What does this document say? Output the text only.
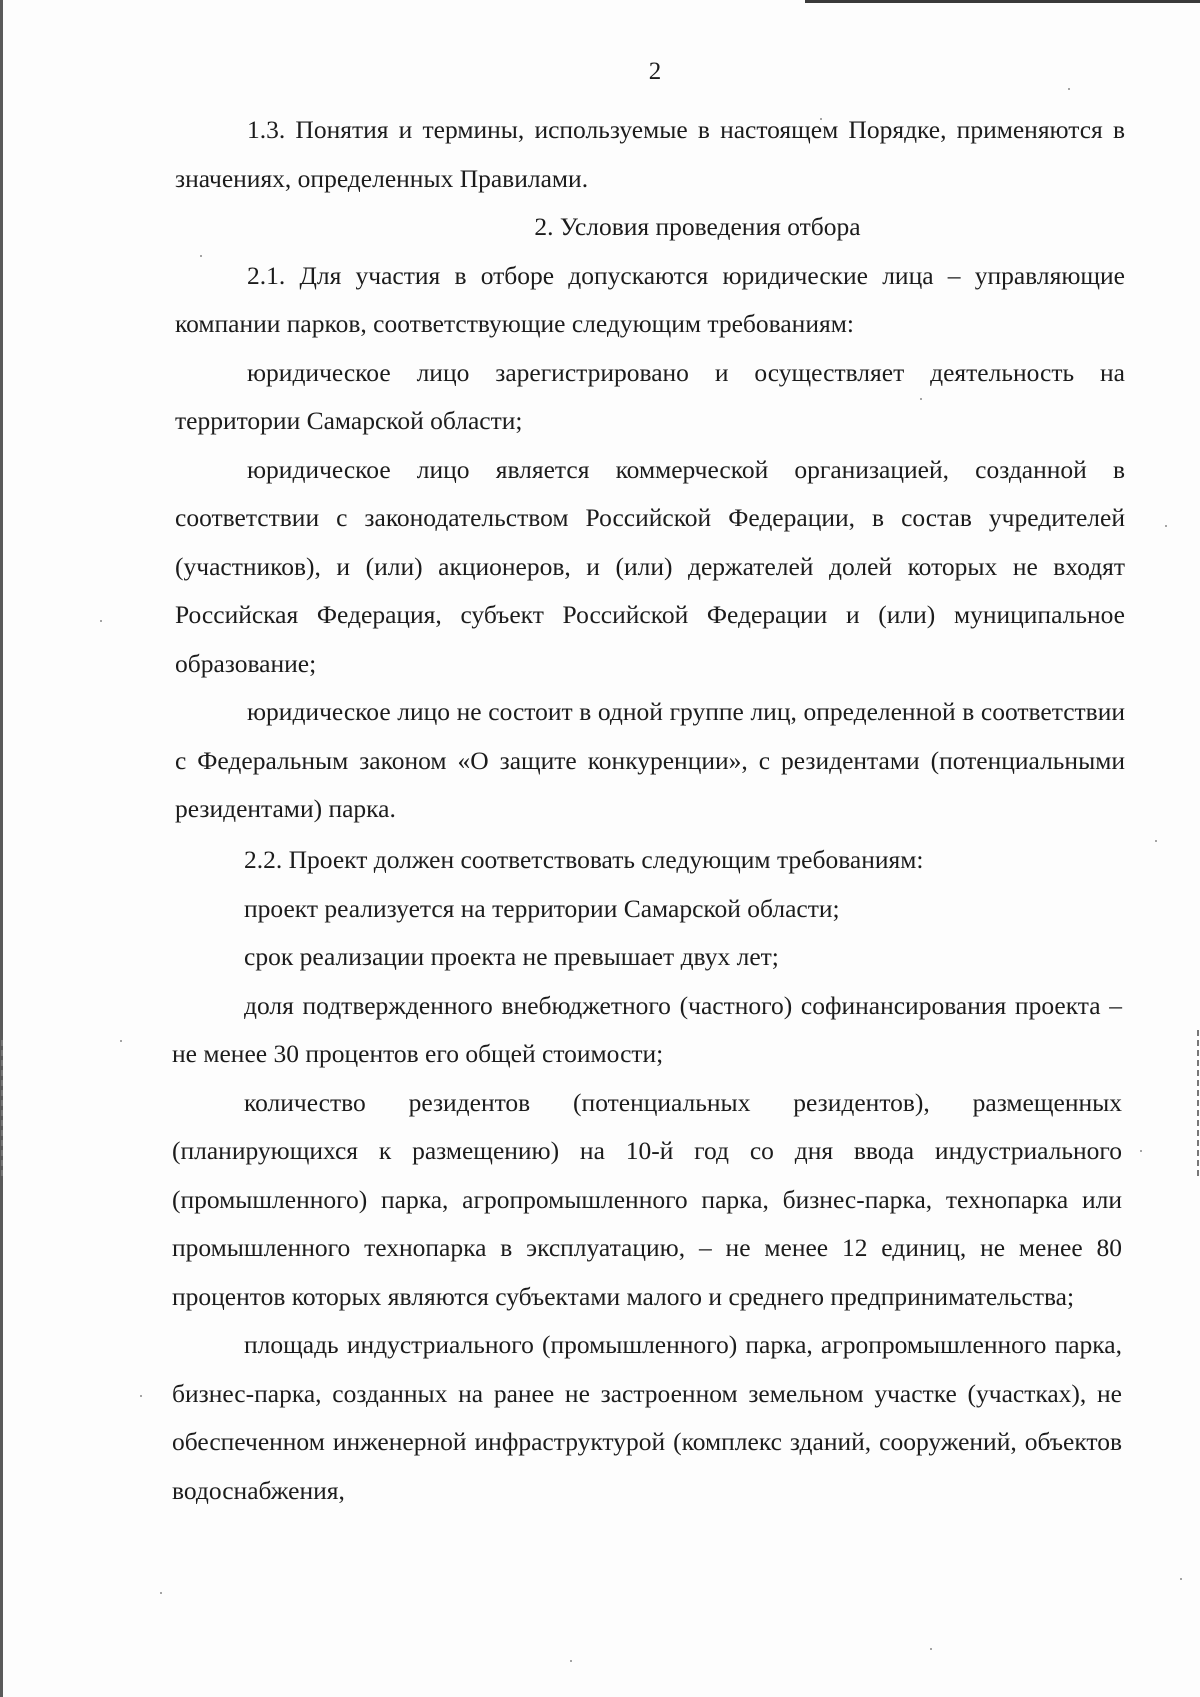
2

1.3. Понятия и термины, используемые в настоящем Порядке, применяются в значениях, определенных Правилами.

2. Условия проведения отбора

2.1. Для участия в отборе допускаются юридические лица – управляющие компании парков, соответствующие следующим требованиям:

юридическое лицо зарегистрировано и осуществляет деятельность на территории Самарской области;

юридическое лицо является коммерческой организацией, созданной в соответствии с законодательством Российской Федерации, в состав учредителей (участников), и (или) акционеров, и (или) держателей долей которых не входят Российская Федерация, субъект Российской Федерации и (или) муниципальное образование;

юридическое лицо не состоит в одной группе лиц, определенной в соответствии с Федеральным законом «О защите конкуренции», с резидентами (потенциальными резидентами) парка.

2.2. Проект должен соответствовать следующим требованиям:

проект реализуется на территории Самарской области;

срок реализации проекта не превышает двух лет;

доля подтвержденного внебюджетного (частного) софинансирования проекта – не менее 30 процентов его общей стоимости;

количество резидентов (потенциальных резидентов), размещенных (планирующихся к размещению) на 10-й год со дня ввода индустриального (промышленного) парка, агропромышленного парка, бизнес-парка, технопарка или промышленного технопарка в эксплуатацию, – не менее 12 единиц, не менее 80 процентов которых являются субъектами малого и среднего предпринимательства;

площадь индустриального (промышленного) парка, агропромышленного парка, бизнес-парка, созданных на ранее не застроенном земельном участке (участках), не обеспеченном инженерной инфраструктурой (комплекс зданий, сооружений, объектов водоснабжения,
